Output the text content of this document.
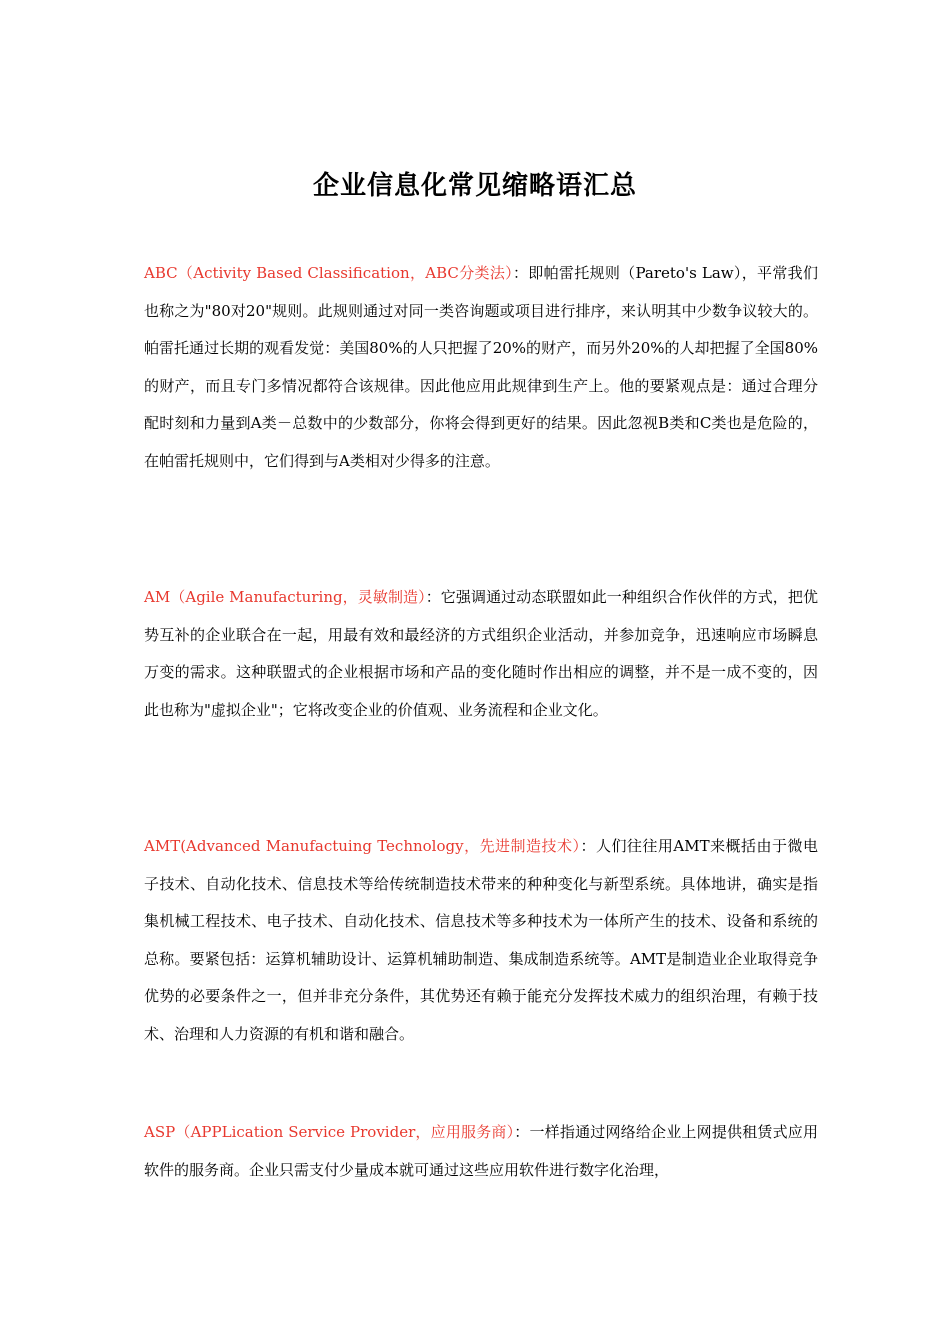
企业信息化常见缩略语汇总

ABC（Activity Based Classification，ABC分类法）：即帕雷托规则（Pareto's Law），平常我们也称之为"80对20"规则。此规则通过对同一类咨询题或项目进行排序，来认明其中少数争议较大的。帕雷托通过长期的观看发觉：美国80%的人只把握了20%的财产，而另外20%的人却把握了全国80%的财产，而且专门多情况都符合该规律。因此他应用此规律到生产上。他的要紧观点是：通过合理分配时刻和力量到A类－总数中的少数部分，你将会得到更好的结果。因此忽视B类和C类也是危险的，在帕雷托规则中，它们得到与A类相对少得多的注意。

AM（Agile Manufacturing，灵敏制造）：它强调通过动态联盟如此一种组织合作伙伴的方式，把优势互补的企业联合在一起，用最有效和最经济的方式组织企业活动，并参加竞争，迅速响应市场瞬息万变的需求。这种联盟式的企业根据市场和产品的变化随时作出相应的调整，并不是一成不变的，因此也称为"虚拟企业"；它将改变企业的价值观、业务流程和企业文化。

AMT(Advanced Manufactuing Technology，先进制造技术）：人们往往用AMT来概括由于微电子技术、自动化技术、信息技术等给传统制造技术带来的种种变化与新型系统。具体地讲，确实是指集机械工程技术、电子技术、自动化技术、信息技术等多种技术为一体所产生的技术、设备和系统的总称。要紧包括：运算机辅助设计、运算机辅助制造、集成制造系统等。AMT是制造业企业取得竞争优势的必要条件之一，但并非充分条件，其优势还有赖于能充分发挥技术威力的组织治理，有赖于技术、治理和人力资源的有机和谐和融合。

ASP（APPLication Service Provider，应用服务商）：一样指通过网络给企业上网提供租赁式应用软件的服务商。企业只需支付少量成本就可通过这些应用软件进行数字化治理，
